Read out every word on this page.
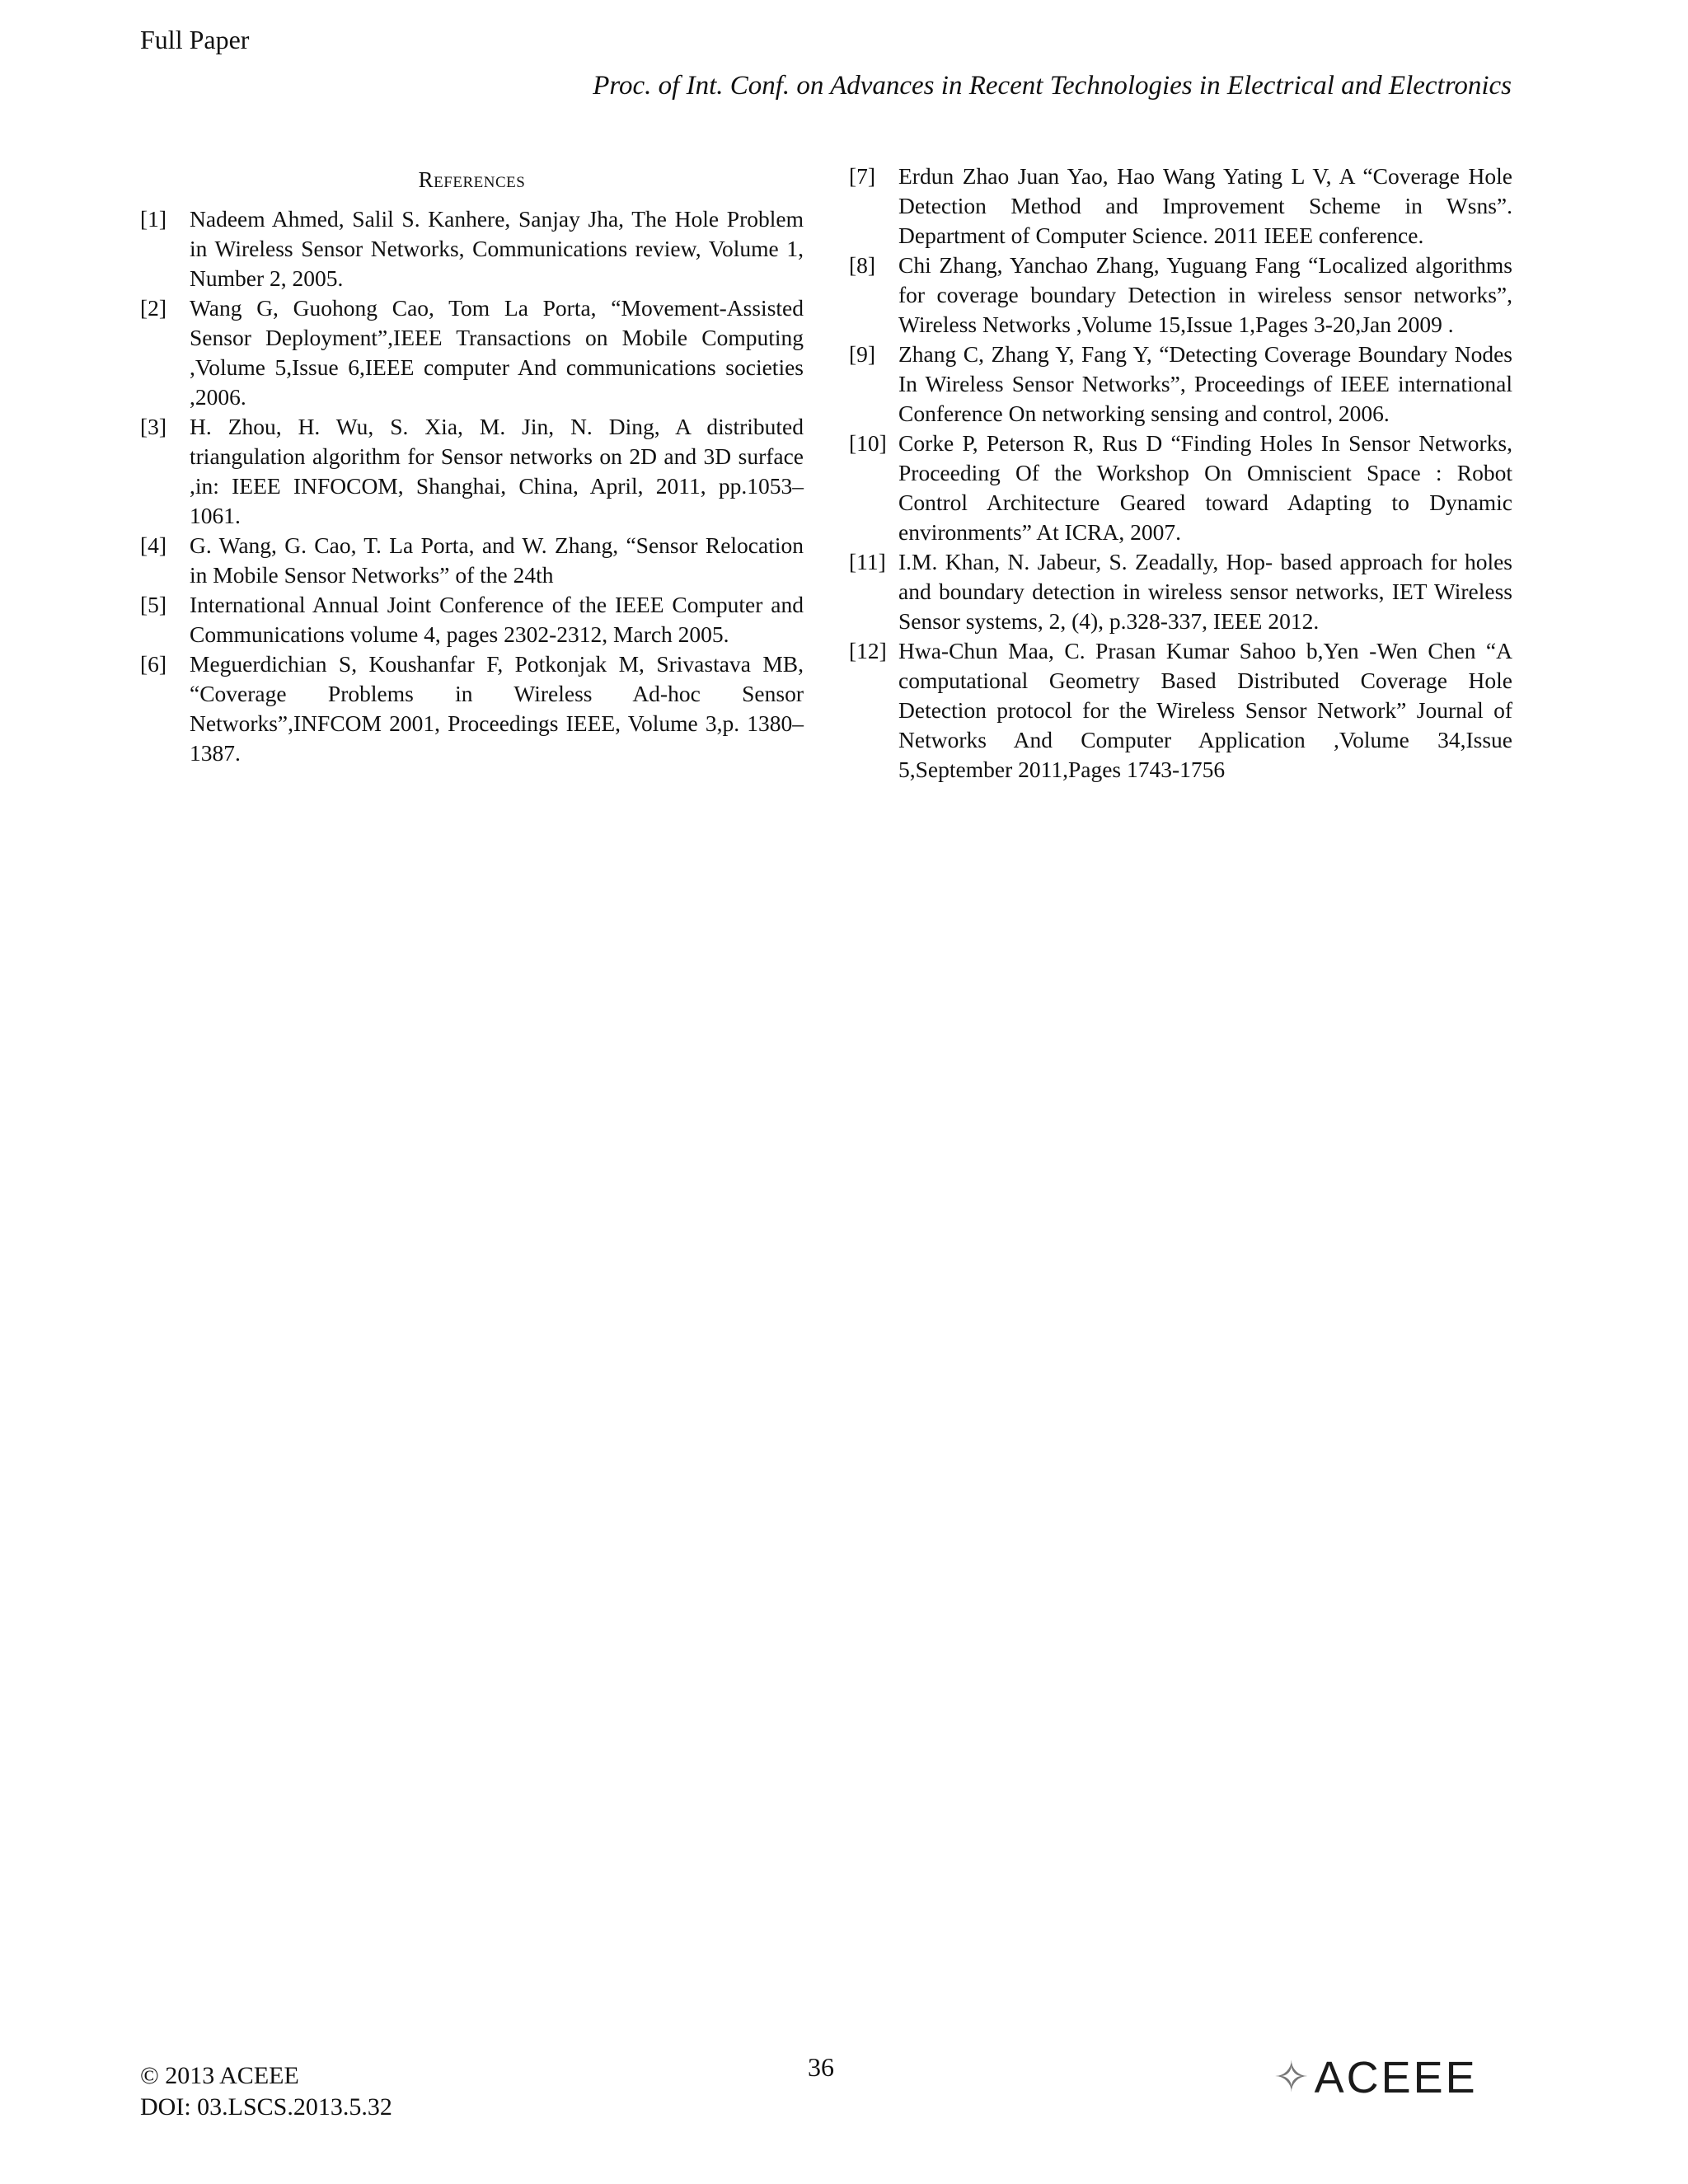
Full Paper
Proc. of Int. Conf. on Advances in Recent Technologies in Electrical and Electronics
References
[1]	Nadeem Ahmed, Salil S. Kanhere, Sanjay Jha, The Hole Problem in Wireless Sensor Networks, Communications review, Volume 1, Number 2, 2005.
[2]	Wang G, Guohong Cao, Tom La Porta, “Movement-Assisted Sensor Deployment”,IEEE Transactions on Mobile Computing ,Volume 5,Issue 6,IEEE computer And communications societies ,2006.
[3]	H. Zhou, H. Wu, S. Xia, M. Jin, N. Ding, A distributed triangulation algorithm for Sensor networks on 2D and 3D surface ,in: IEEE INFOCOM, Shanghai, China, April, 2011, pp.1053–1061.
[4]	G. Wang, G. Cao, T. La Porta, and W. Zhang, “Sensor Relocation in Mobile Sensor Networks” of the 24th
[5]	International Annual Joint Conference of the IEEE Computer and Communications volume 4, pages 2302-2312, March 2005.
[6]	Meguerdichian S, Koushanfar F, Potkonjak M, Srivastava MB, “Coverage Problems in Wireless Ad-hoc Sensor Networks”,INFCOM 2001, Proceedings IEEE, Volume 3,p. 1380–1387.
[7]	Erdun Zhao Juan Yao, Hao Wang Yating L V, A “Coverage Hole Detection Method and Improvement Scheme in Wsns”. Department of Computer Science. 2011 IEEE conference.
[8]	Chi Zhang, Yanchao Zhang, Yuguang Fang “Localized algorithms for coverage boundary Detection in wireless sensor networks”, Wireless Networks ,Volume 15,Issue 1,Pages 3-20,Jan 2009 .
[9]	Zhang C, Zhang Y, Fang Y, “Detecting Coverage Boundary Nodes In Wireless Sensor Networks”, Proceedings of IEEE international Conference On networking sensing and control, 2006.
[10] Corke P, Peterson R, Rus D “Finding Holes In Sensor Networks, Proceeding Of the Workshop On Omniscient Space : Robot Control Architecture Geared toward Adapting to Dynamic environments” At ICRA, 2007.
[11] I.M. Khan, N. Jabeur, S. Zeadally, Hop- based approach for holes and boundary detection in wireless sensor networks, IET Wireless Sensor systems, 2, (4), p.328-337, IEEE 2012.
[12] Hwa-Chun Maa, C. Prasan Kumar Sahoo b,Yen -Wen Chen “A computational Geometry Based Distributed Coverage Hole Detection protocol for the Wireless Sensor Network” Journal of Networks And Computer Application ,Volume 34,Issue 5,September 2011,Pages 1743-1756
© 2013 ACEEE
DOI: 03.LSCS.2013.5.32
36	✧ ACEEE
